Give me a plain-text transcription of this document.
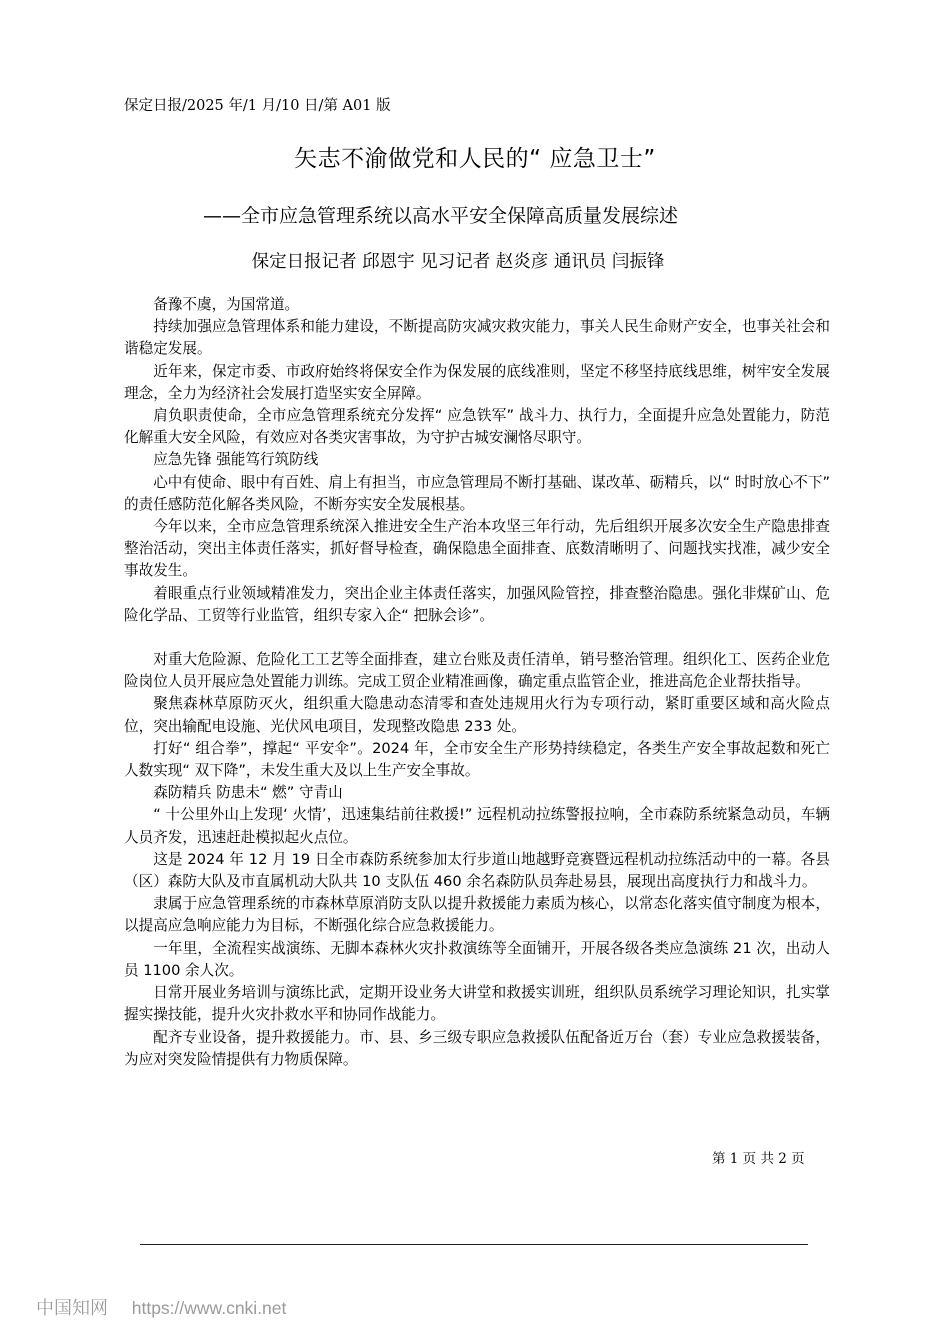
保定日报/2025 年/1 月/10 日/第 A01 版
矢志不渝做党和人民的“ 应急卫士”
——全市应急管理系统以高水平安全保障高质量发展综述
保定日报记者 邱恩宇 见习记者 赵炎彦 通讯员 闫振锋

备豫不虞，为国常道。

持续加强应急管理体系和能力建设，不断提高防灾减灾救灾能力，事关人民生命财产安全，也事关社会和谐稳定发展。

近年来，保定市委、市政府始终将保安全作为保发展的底线准则，坚定不移坚持底线思维，树牢安全发展理念，全力为经济社会发展打造坚实安全屏障。

肩负职责使命，全市应急管理系统充分发挥“ 应急铁军” 战斗力、执行力，全面提升应急处置能力，防范化解重大安全风险，有效应对各类灾害事故，为守护古城安澜恪尽职守。

应急先锋 强能笃行筑防线

心中有使命、眼中有百姓、肩上有担当，市应急管理局不断打基础、谋改革、砺精兵，以“ 时时放心不下” 的责任感防范化解各类风险，不断夯实安全发展根基。

今年以来，全市应急管理系统深入推进安全生产治本攻坚三年行动，先后组织开展多次安全生产隐患排查整治活动，突出主体责任落实，抓好督导检查，确保隐患全面排查、底数清晰明了、问题找实找准，减少安全事故发生。

着眼重点行业领域精准发力，突出企业主体责任落实，加强风险管控，排查整治隐患。强化非煤矿山、危险化学品、工贸等行业监管，组织专家入企“ 把脉会诊”。

对重大危险源、危险化工工艺等全面排查，建立台账及责任清单，销号整治管理。组织化工、医药企业危险岗位人员开展应急处置能力训练。完成工贸企业精准画像，确定重点监管企业，推进高危企业帮扶指导。

聚焦森林草原防灭火，组织重大隐患动态清零和查处违规用火行为专项行动，紧盯重要区域和高火险点位，突出输配电设施、光伏风电项目，发现整改隐患 233 处。

打好“ 组合拳”，撑起“ 平安伞”。2024 年，全市安全生产形势持续稳定，各类生产安全事故起数和死亡人数实现“ 双下降”，未发生重大及以上生产安全事故。

森防精兵 防患未“ 燃” 守青山

“ 十公里外山上发现‘ 火情’，迅速集结前往救援!” 远程机动拉练警报拉响，全市森防系统紧急动员，车辆人员齐发，迅速赶赴模拟起火点位。

这是 2024 年 12 月 19 日全市森防系统参加太行步道山地越野竞赛暨远程机动拉练活动中的一幕。各县（区）森防大队及市直属机动大队共 10 支队伍 460 余名森防队员奔赴易县，展现出高度执行力和战斗力。

隶属于应急管理系统的市森林草原消防支队以提升救援能力素质为核心，以常态化落实值守制度为根本，以提高应急响应能力为目标，不断强化综合应急救援能力。

一年里，全流程实战演练、无脚本森林火灾扑救演练等全面铺开，开展各级各类应急演练 21 次，出动人员 1100 余人次。

日常开展业务培训与演练比武，定期开设业务大讲堂和救援实训班，组织队员系统学习理论知识，扎实掌握实操技能，提升火灾扑救水平和协同作战能力。

配齐专业设备，提升救援能力。市、县、乡三级专职应急救援队伍配备近万台（套）专业应急救援装备，为应对突发险情提供有力物质保障。

第 1 页 共 2 页
中国知网 https://www.cnki.net
